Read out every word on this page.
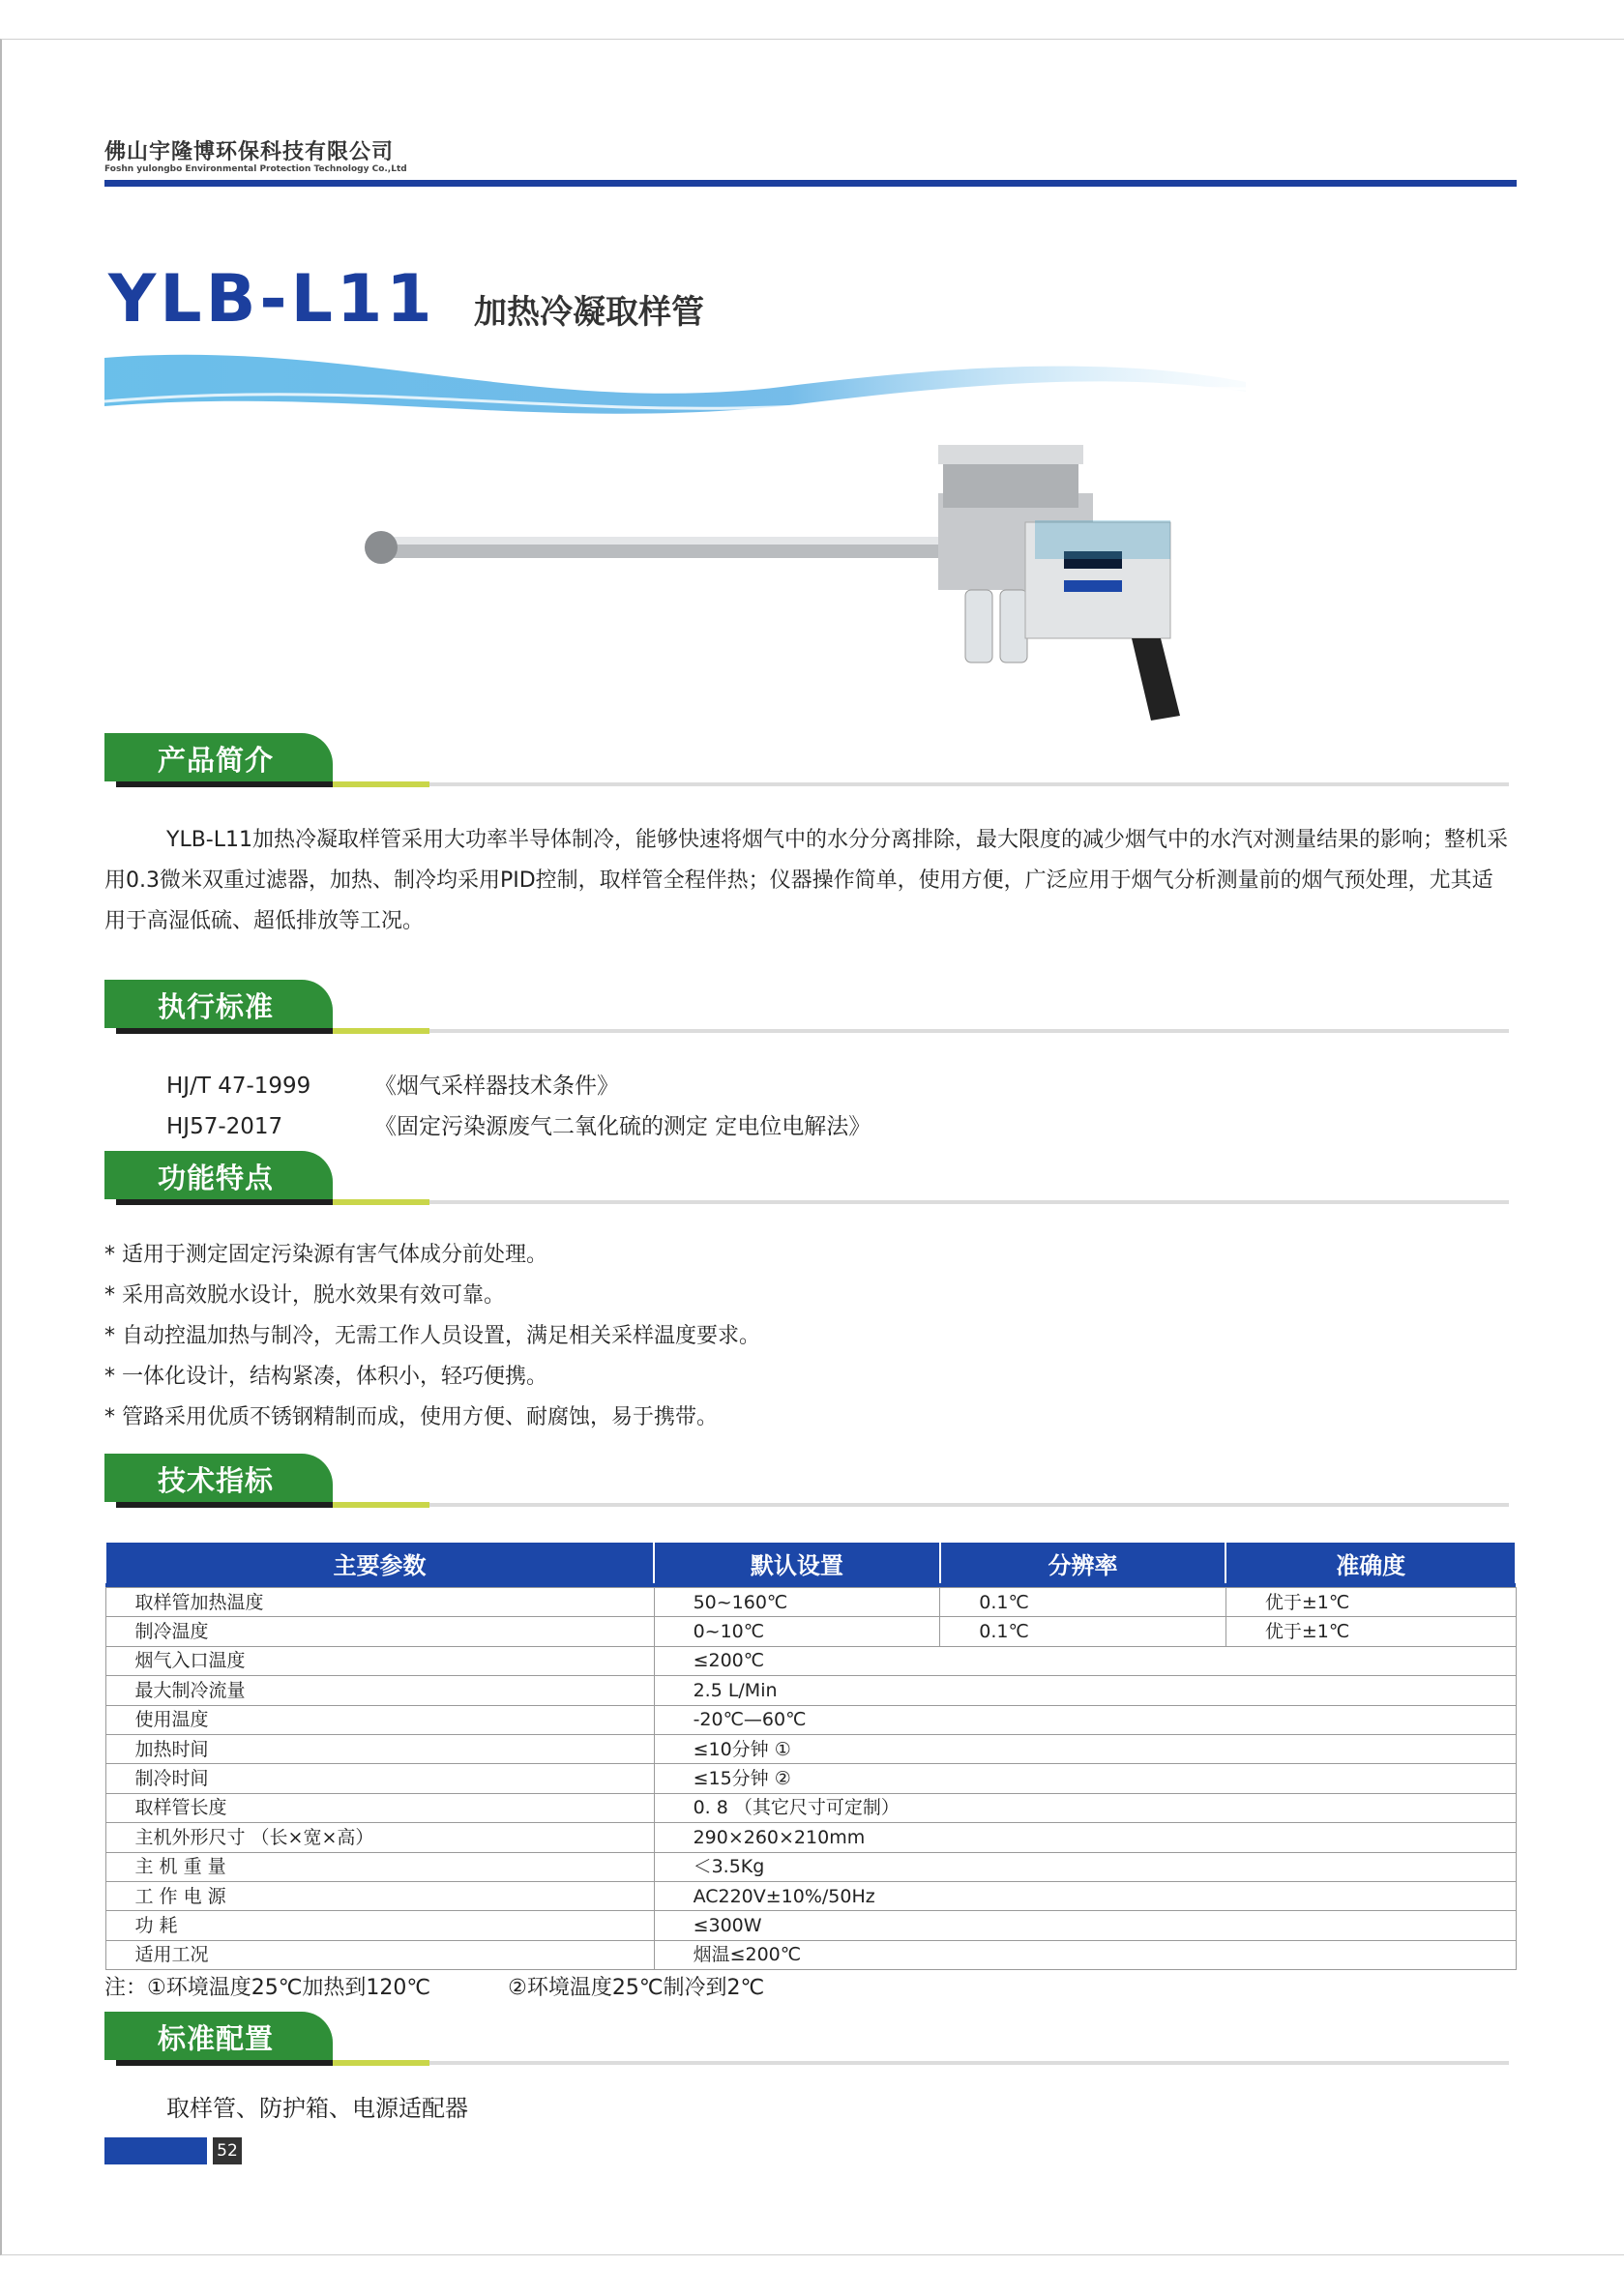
佛山宇隆博环保科技有限公司
Foshn yulongbo Environmental Protection Technology Co.,Ltd
YLB-L11 加热冷凝取样管
产品简介

YLB-L11加热冷凝取样管采用大功率半导体制冷，能够快速将烟气中的水分分离排除，最大限度的减少烟气中的水汽对测量结果的影响；整机采用0.3微米双重过滤器，加热、制冷均采用PID控制，取样管全程伴热；仪器操作简单，使用方便，广泛应用于烟气分析测量前的烟气预处理，尤其适用于高湿低硫、超低排放等工况。

执行标准
HJ/T 47-1999	《烟气采样器技术条件》
HJ57-2017	《固定污染源废气二氧化硫的测定 定电位电解法》
功能特点
* 适用于测定固定污染源有害气体成分前处理。
* 采用高效脱水设计，脱水效果有效可靠。
* 自动控温加热与制冷，无需工作人员设置，满足相关采样温度要求。
* 一体化设计，结构紧凑，体积小，轻巧便携。
* 管路采用优质不锈钢精制而成，使用方便、耐腐蚀，易于携带。
技术指标
主要参数	默认设置	分辨率	准确度

取样管加热温度	50~160℃	0.1℃	优于±1℃
制冷温度	0~10℃	0.1℃	优于±1℃
烟气入口温度	≤200℃		
最大制冷流量	2.5 L/Min		
使用温度	-20℃—60℃		
加热时间	≤10分钟 ①		
制冷时间	≤15分钟 ②		
取样管长度	0. 8 （其它尺寸可定制）		
主机外形尺寸 （长×宽×高）	290×260×210mm		
主 机 重 量	＜3.5Kg		
工 作 电 源	AC220V±10%/50Hz		
功 耗	≤300W		
适用工况	烟温≤200℃		
注：①环境温度25℃加热到120℃	②环境温度25℃制冷到2℃
标准配置
取样管、防护箱、电源适配器
52
